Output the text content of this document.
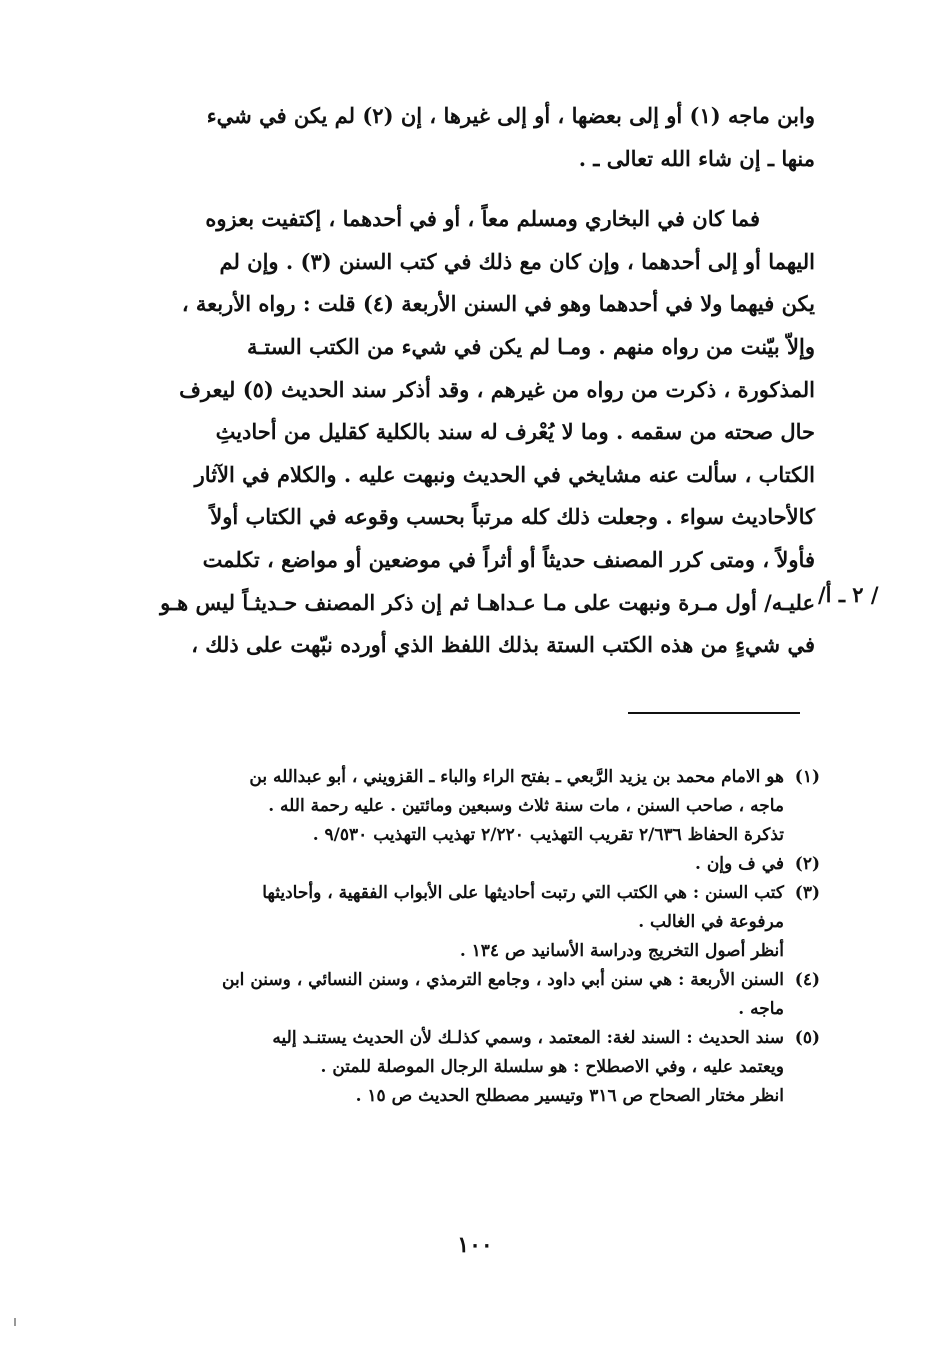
وابن ماجه (١) أو إلى بعضها ، أو إلى غيرها ، إن (٢) لم يكن في شيء

منها ـ إن شاء الله تعالى ـ .

فما كان في البخاري ومسلم معاً ، أو في أحدهما ، إكتفيت بعزوه

اليهما أو إلى أحدهما ، وإن كان مع ذلك في كتب السنن (٣) . وإن لم

يكن فيهما ولا في أحدهما وهو في السنن الأربعة (٤) قلت : رواه الأربعة ،

وإلاّ بيّنت من رواه منهم . ومـا لم يكن في شيء من الكتب الستـة

المذكورة ، ذكرت من رواه من غيرهم ، وقد أذكر سند الحديث (٥) ليعرف

حال صحته من سقمه . وما لا يُعْرف له سند بالكلية كقليل من أحاديثِ

الكتاب ، سألت عنه مشايخي في الحديث ونبهت عليه . والكلام في الآثار

كالأحاديث سواء . وجعلت ذلك كله مرتباً بحسب وقوعه في الكتاب أولاً

فأولاً ، ومتى كرر المصنف حديثاً أو أثراً في موضعين أو مواضع ، تكلمت

عليـه/ أول مـرة ونبهت على مـا عـداهـا ثم إن ذكر المصنف حـديثـاً ليس هـو

في شيءٍ من هذه الكتب الستة بذلك اللفظ الذي أورده نبّهت على ذلك ،

/٢ ـ أ /
(١)
هو الامام محمد بن يزيد الرَّبعي ـ بفتح الراء والباء ـ القزويني ، أبو عبدالله بن
ماجه ، صاحب السنن ، مات سنة ثلاث وسبعين ومائتين . عليه رحمة الله .
تذكرة الحفاظ ٢/٦٣٦ تقريب التهذيب ٢/٢٢٠ تهذيب التهذيب ٩/٥٣٠ .
(٢)
في ف وإن .
(٣)
كتب السنن : هي الكتب التي رتبت أحاديثها على الأبواب الفقهية ، وأحاديثها
مرفوعة في الغالب .
أنظر أصول التخريج ودراسة الأسانيد ص ١٣٤ .
(٤)
السنن الأربعة : هي سنن أبي داود ، وجامع الترمذي ، وسنن النسائي ، وسنن ابن
ماجه .
(٥)
سند الحديث : السند لغة: المعتمد ، وسمي كذلـك لأن الحديث يستنـد إليه
ويعتمد عليه ، وفي الاصطلاح : هو سلسلة الرجال الموصلة للمتن .
انظر مختار الصحاح ص ٣١٦ وتيسير مصطلح الحديث ص ١٥ .
١٠٠
